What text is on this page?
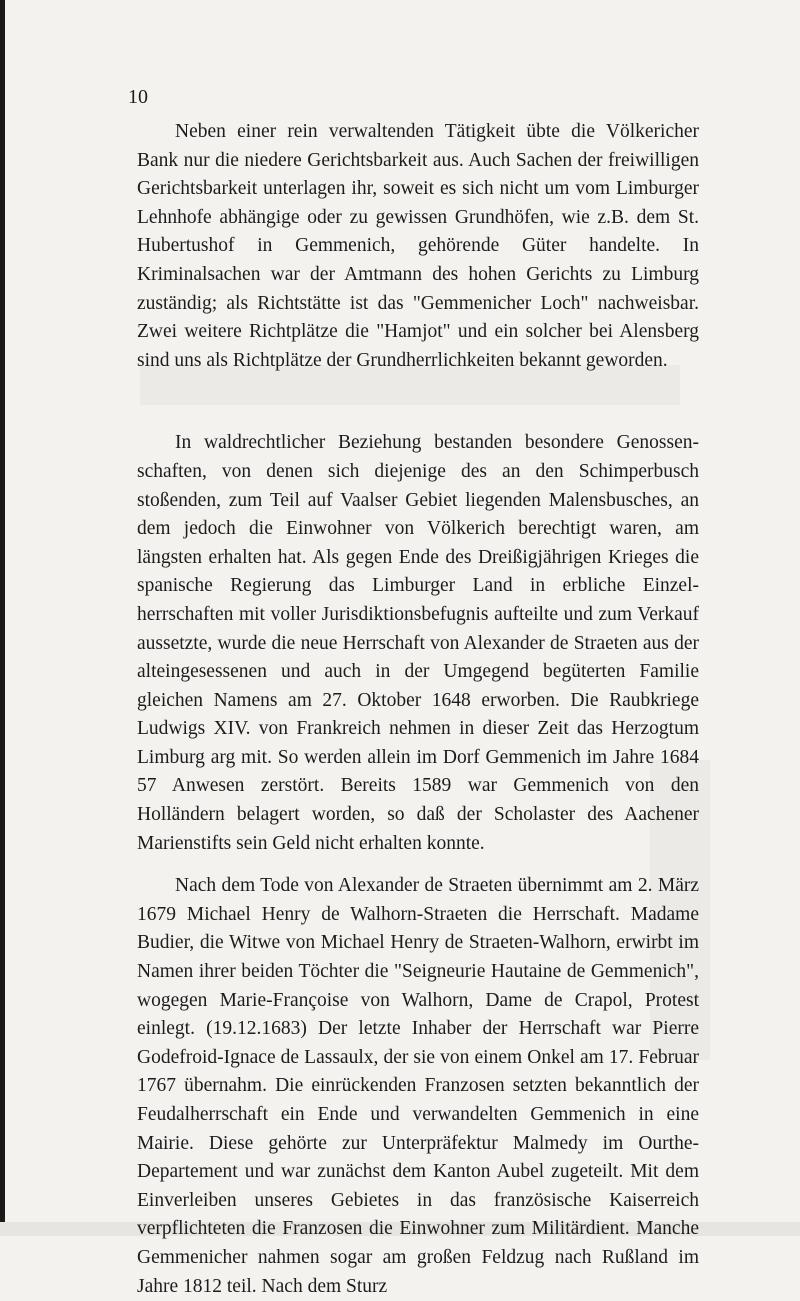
10

Neben einer rein verwaltenden Tätigkeit übte die Völkericher Bank nur die niedere Gerichtsbarkeit aus. Auch Sachen der freiwilligen Gerichtsbarkeit unterlagen ihr, soweit es sich nicht um vom Limburger Lehnhofe abhängige oder zu gewissen Grundhöfen, wie z.B. dem St. Hubertushof in Gemmenich, gehörende Güter handelte. In Kriminalsachen war der Amtmann des hohen Gerichts zu Limburg zuständig; als Richtstätte ist das "Gemmenicher Loch" nachweisbar. Zwei weitere Richtplätze die "Hamjot" und ein solcher bei Alensberg sind uns als Richtplätze der Grundherrlichkeiten bekannt geworden.

In waldrechtlicher Beziehung bestanden besondere Genossenschaften, von denen sich diejenige des an den Schimperbusch stoßenden, zum Teil auf Vaalser Gebiet liegenden Malensbusches, an dem jedoch die Einwohner von Völkerich berechtigt waren, am längsten erhalten hat. Als gegen Ende des Dreißigjährigen Krieges die spanische Regierung das Limburger Land in erbliche Einzelherrschaften mit voller Jurisdiktionsbefugnis aufteilte und zum Verkauf aussetzte, wurde die neue Herrschaft von Alexander de Straeten aus der alteingesessenen und auch in der Umgegend begüterten Familie gleichen Namens am 27. Oktober 1648 erworben. Die Raubkriege Ludwigs XIV. von Frankreich nehmen in dieser Zeit das Herzogtum Limburg arg mit. So werden allein im Dorf Gemmenich im Jahre 1684 57 Anwesen zerstört. Bereits 1589 war Gemmenich von den Holländern belagert worden, so daß der Scholaster des Aachener Marienstifts sein Geld nicht erhalten konnte.

Nach dem Tode von Alexander de Straeten übernimmt am 2. März 1679 Michael Henry de Walhorn-Straeten die Herrschaft. Madame Budier, die Witwe von Michael Henry de Straeten-Walhorn, erwirbt im Namen ihrer beiden Töchter die "Seigneurie Hautaine de Gemmenich", wogegen Marie-Françoise von Walhorn, Dame de Crapol, Protest einlegt. (19.12.1683) Der letzte Inhaber der Herrschaft war Pierre Godefroid-Ignace de Lassaulx, der sie von einem Onkel am 17. Februar 1767 übernahm. Die einrückenden Franzosen setzten bekanntlich der Feudalherrschaft ein Ende und verwandelten Gemmenich in eine Mairie. Diese gehörte zur Unterpräfektur Malmedy im Ourthe-Departement und war zunächst dem Kanton Aubel zugeteilt. Mit dem Einverleiben unseres Gebietes in das französische Kaiserreich verpflichteten die Franzosen die Einwohner zum Militärdient. Manche Gemmenicher nahmen sogar am großen Feldzug nach Rußland im Jahre 1812 teil. Nach dem Sturz
